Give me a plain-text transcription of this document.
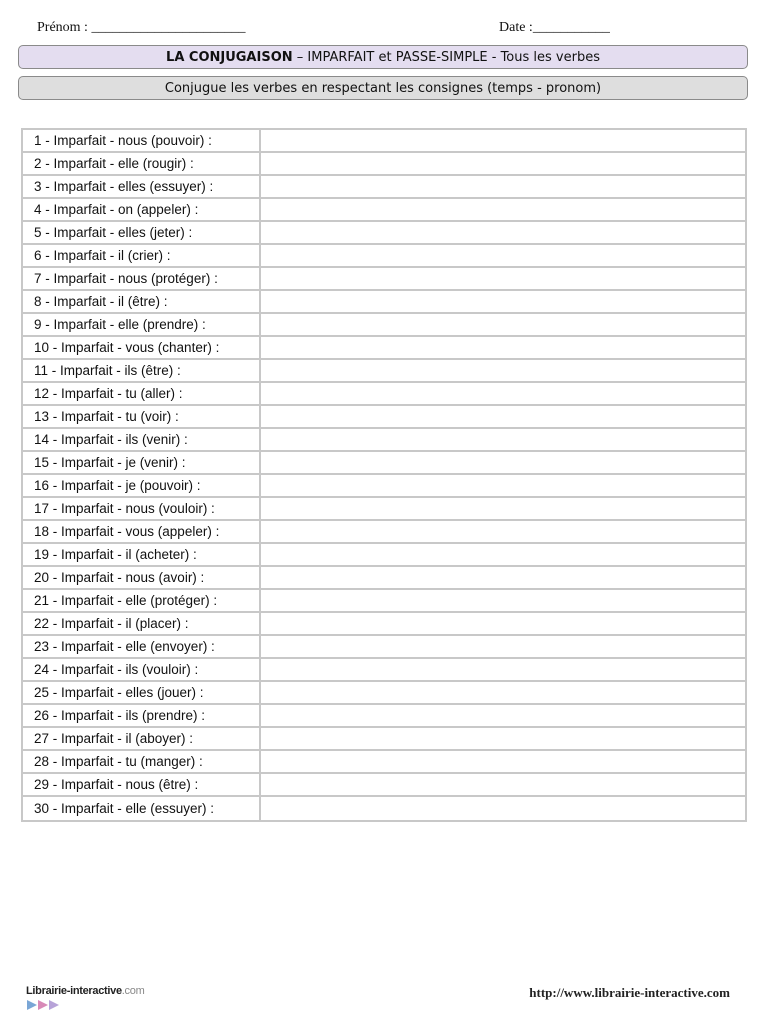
Prénom : ______________________	Date :___________
LA CONJUGAISON – IMPARFAIT et PASSE-SIMPLE - Tous les verbes
Conjugue les verbes en respectant les consignes (temps - pronom)
1 - Imparfait - nous (pouvoir) :	
2 - Imparfait - elle (rougir) :	
3 - Imparfait - elles (essuyer) :	
4 - Imparfait - on (appeler) :	
5 - Imparfait - elles (jeter) :	
6 - Imparfait - il (crier) :	
7 - Imparfait - nous (protéger) :	
8 - Imparfait - il (être) :	
9 - Imparfait - elle (prendre) :	
10 - Imparfait - vous (chanter) :	
11 - Imparfait - ils (être) :	
12 - Imparfait - tu (aller) :	
13 - Imparfait - tu (voir) :	
14 - Imparfait - ils (venir) :	
15 - Imparfait - je (venir) :	
16 - Imparfait - je (pouvoir) :	
17 - Imparfait - nous (vouloir) :	
18 - Imparfait - vous (appeler) :	
19 - Imparfait - il (acheter) :	
20 - Imparfait - nous (avoir) :	
21 - Imparfait - elle (protéger) :	
22 - Imparfait - il (placer) :	
23 - Imparfait - elle (envoyer) :	
24 - Imparfait - ils (vouloir) :	
25 - Imparfait - elles (jouer) :	
26 - Imparfait - ils (prendre) :	
27 - Imparfait - il (aboyer) :	
28 - Imparfait - tu (manger) :	
29 - Imparfait - nous (être) :	
30 - Imparfait - elle (essuyer) :	
Librairie-interactive.com	http://www.librairie-interactive.com
